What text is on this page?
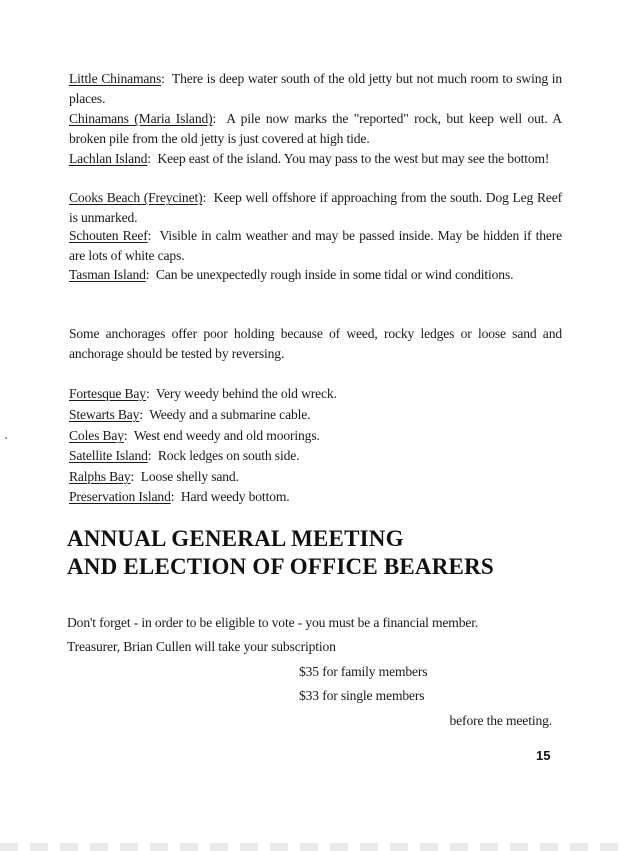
Little Chinamans:  There is deep water south of the old jetty but not much room to swing in places.
Chinamans (Maria Island):  A pile now marks the "reported" rock, but keep well out. A broken pile from the old jetty is just covered at high tide.
Lachlan Island:  Keep east of the island. You may pass to the west but may see the bottom!
Cooks Beach (Freycinet):  Keep well offshore if approaching from the south. Dog Leg Reef is unmarked.
Schouten Reef:  Visible in calm weather and may be passed inside. May be hidden if there are lots of white caps.
Tasman Island:  Can be unexpectedly rough inside in some tidal or wind conditions.
Some anchorages offer poor holding because of weed, rocky ledges or loose sand and anchorage should be tested by reversing.
Fortesque Bay:  Very weedy behind the old wreck.
Stewarts Bay:  Weedy and a submarine cable.
Coles Bay:  West end weedy and old moorings.
Satellite Island:  Rock ledges on south side.
Ralphs Bay:  Loose shelly sand.
Preservation Island:  Hard weedy bottom.
ANNUAL GENERAL MEETING
AND ELECTION OF OFFICE BEARERS
Don't forget - in order to be eligible to vote - you must be a financial member.
Treasurer, Brian Cullen will take your subscription
$35 for family members
$33 for single members
before the meeting.
15
